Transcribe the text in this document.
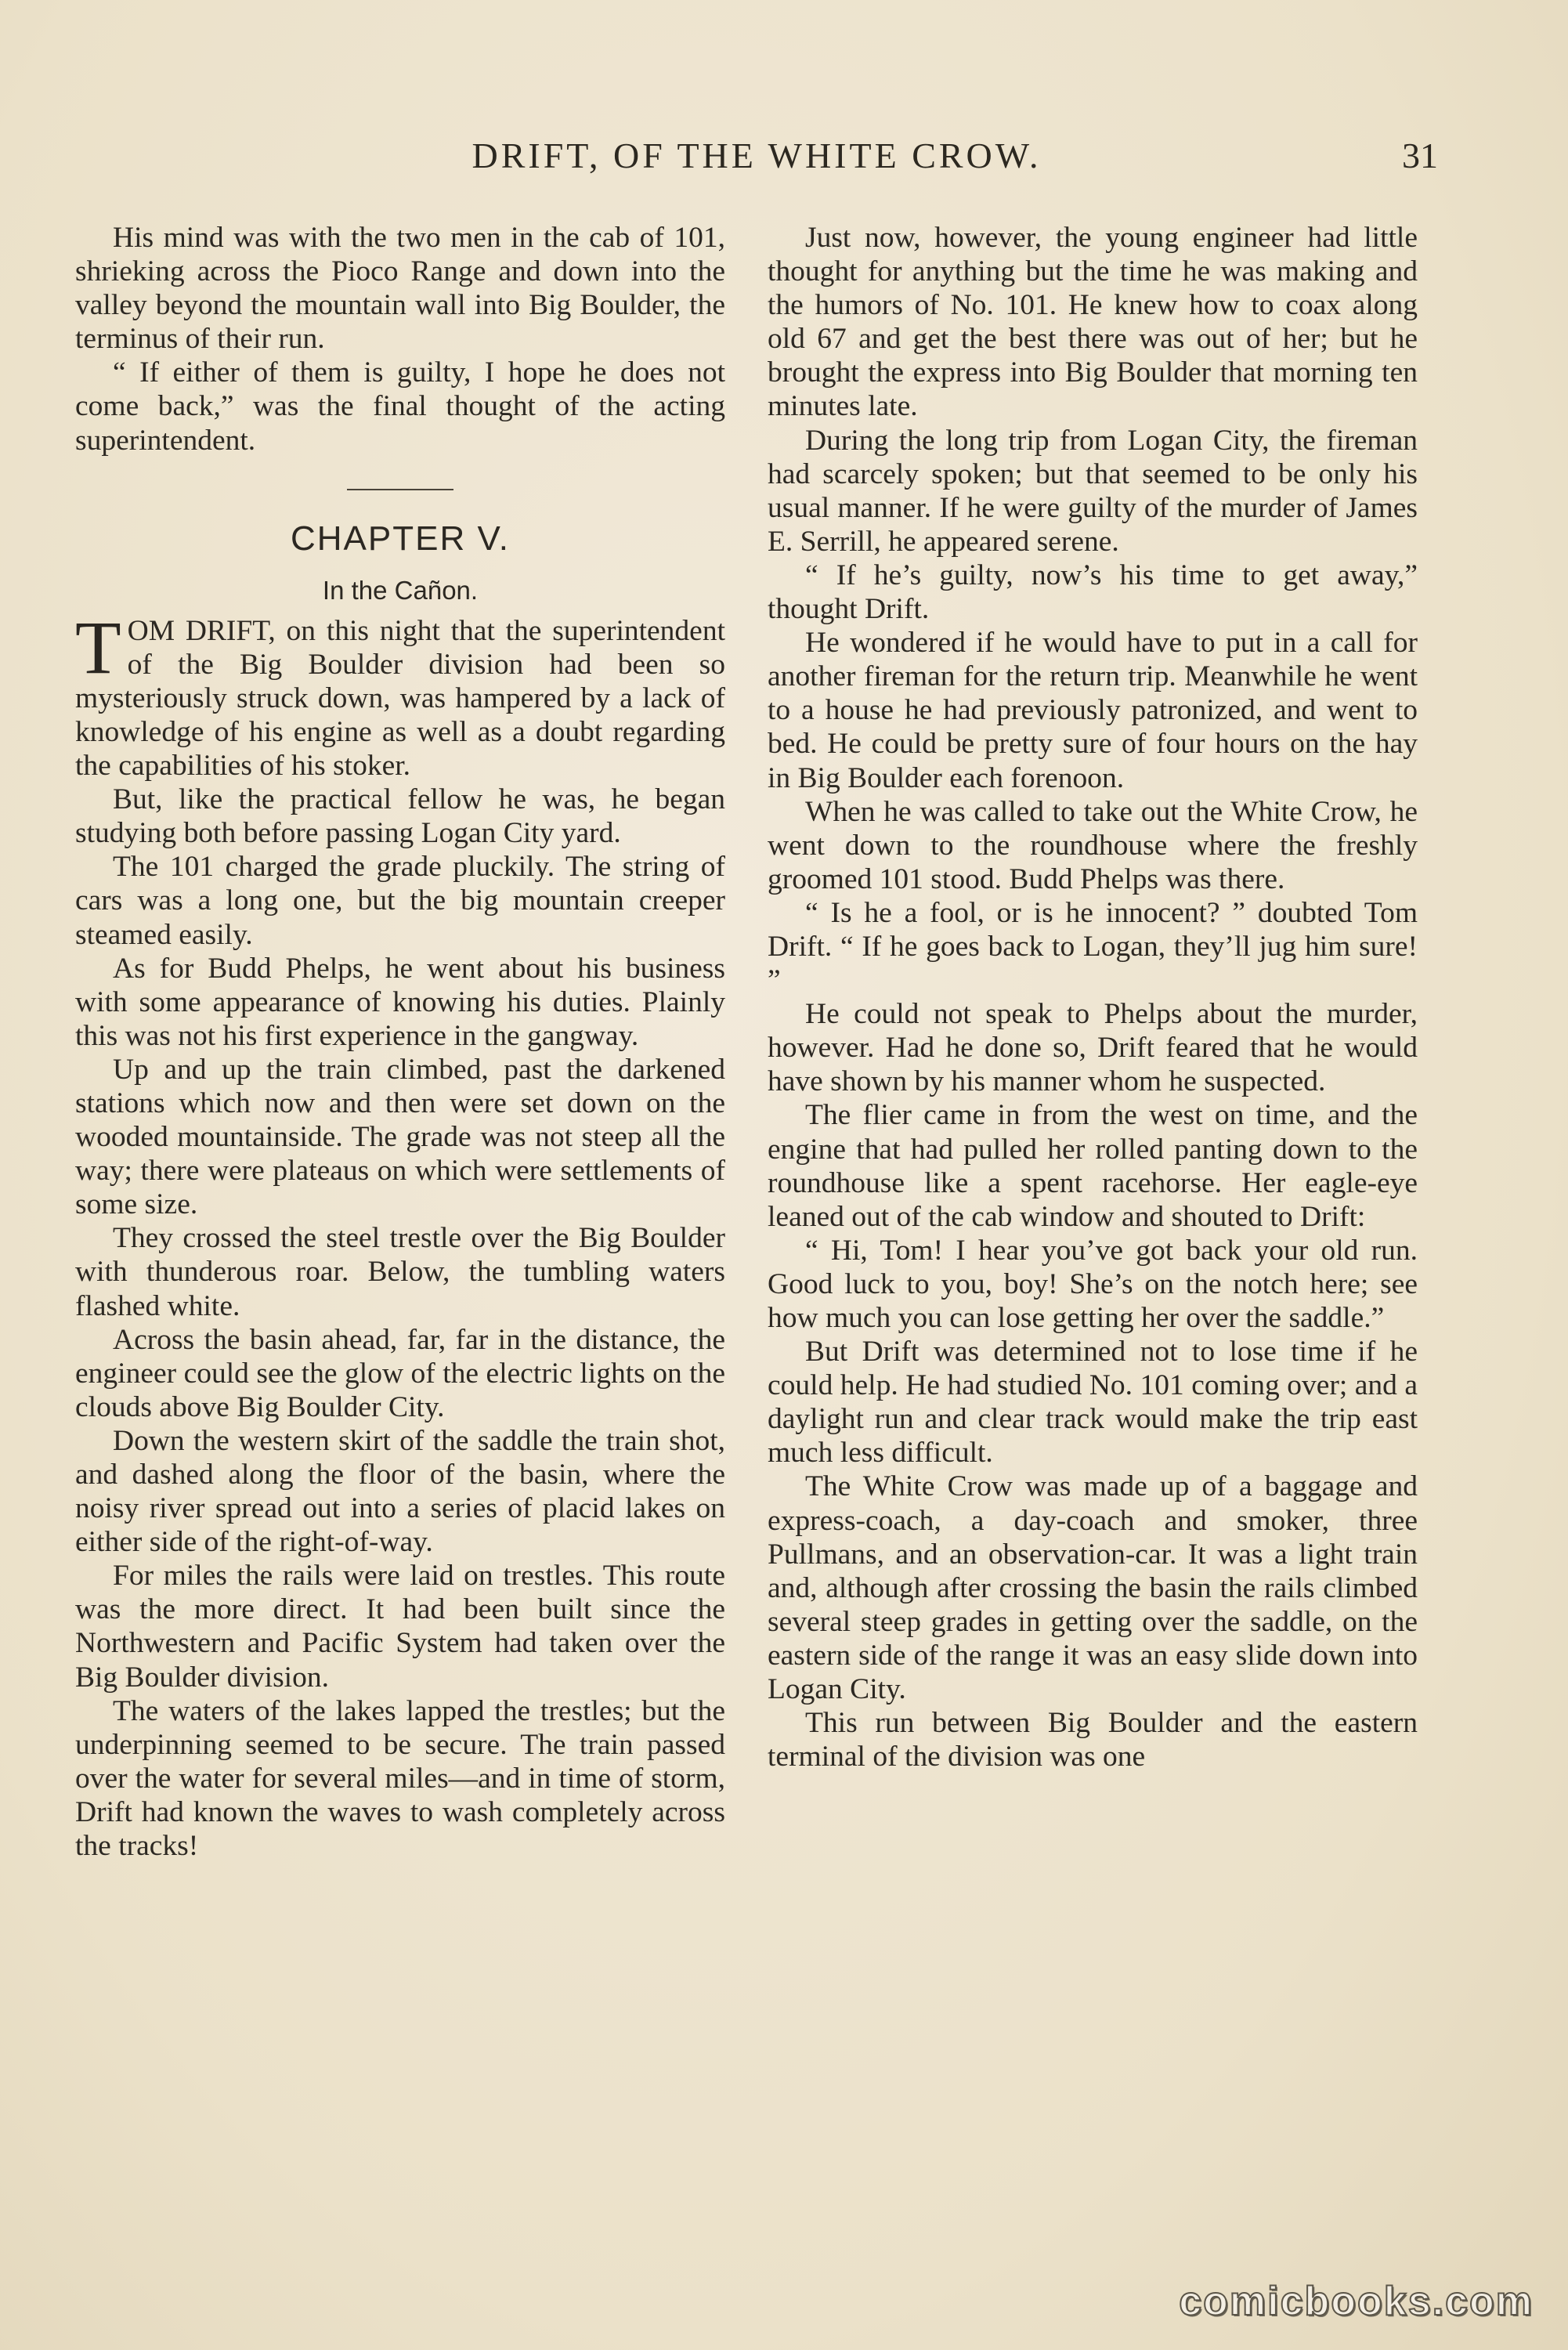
DRIFT, OF THE WHITE CROW.	31

His mind was with the two men in the cab of 101, shrieking across the Pioco Range and down into the valley beyond the mountain wall into Big Boulder, the terminus of their run.

“ If either of them is guilty, I hope he does not come back,” was the final thought of the acting superintendent.

CHAPTER V.
In the Cañon.

TOM DRIFT, on this night that the superintendent of the Big Boulder division had been so mysteriously struck down, was hampered by a lack of knowledge of his engine as well as a doubt regarding the capabilities of his stoker.

But, like the practical fellow he was, he began studying both before passing Logan City yard.

The 101 charged the grade pluckily. The string of cars was a long one, but the big mountain creeper steamed easily.

As for Budd Phelps, he went about his business with some appearance of knowing his duties. Plainly this was not his first experience in the gangway.

Up and up the train climbed, past the darkened stations which now and then were set down on the wooded mountainside. The grade was not steep all the way; there were plateaus on which were settlements of some size.

They crossed the steel trestle over the Big Boulder with thunderous roar. Below, the tumbling waters flashed white.

Across the basin ahead, far, far in the distance, the engineer could see the glow of the electric lights on the clouds above Big Boulder City.

Down the western skirt of the saddle the train shot, and dashed along the floor of the basin, where the noisy river spread out into a series of placid lakes on either side of the right-of-way.

For miles the rails were laid on trestles. This route was the more direct. It had been built since the Northwestern and Pacific System had taken over the Big Boulder division.

The waters of the lakes lapped the trestles; but the underpinning seemed to be secure. The train passed over the water for several miles—and in time of storm, Drift had known the waves to wash completely across the tracks!

Just now, however, the young engineer had little thought for anything but the time he was making and the humors of No. 101. He knew how to coax along old 67 and get the best there was out of her; but he brought the express into Big Boulder that morning ten minutes late.

During the long trip from Logan City, the fireman had scarcely spoken; but that seemed to be only his usual manner. If he were guilty of the murder of James E. Serrill, he appeared serene.

“ If he’s guilty, now’s his time to get away,” thought Drift.

He wondered if he would have to put in a call for another fireman for the return trip. Meanwhile he went to a house he had previously patronized, and went to bed. He could be pretty sure of four hours on the hay in Big Boulder each forenoon.

When he was called to take out the White Crow, he went down to the roundhouse where the freshly groomed 101 stood. Budd Phelps was there.

“ Is he a fool, or is he innocent? ” doubted Tom Drift. “ If he goes back to Logan, they’ll jug him sure! ”

He could not speak to Phelps about the murder, however. Had he done so, Drift feared that he would have shown by his manner whom he suspected.

The flier came in from the west on time, and the engine that had pulled her rolled panting down to the roundhouse like a spent racehorse. Her eagle-eye leaned out of the cab window and shouted to Drift:

“ Hi, Tom! I hear you’ve got back your old run. Good luck to you, boy! She’s on the notch here; see how much you can lose getting her over the saddle.”

But Drift was determined not to lose time if he could help. He had studied No. 101 coming over; and a daylight run and clear track would make the trip east much less difficult.

The White Crow was made up of a baggage and express-coach, a day-coach and smoker, three Pullmans, and an observation-car. It was a light train and, although after crossing the basin the rails climbed several steep grades in getting over the saddle, on the eastern side of the range it was an easy slide down into Logan City.

This run between Big Boulder and the eastern terminal of the division was one

comicbooks.com
